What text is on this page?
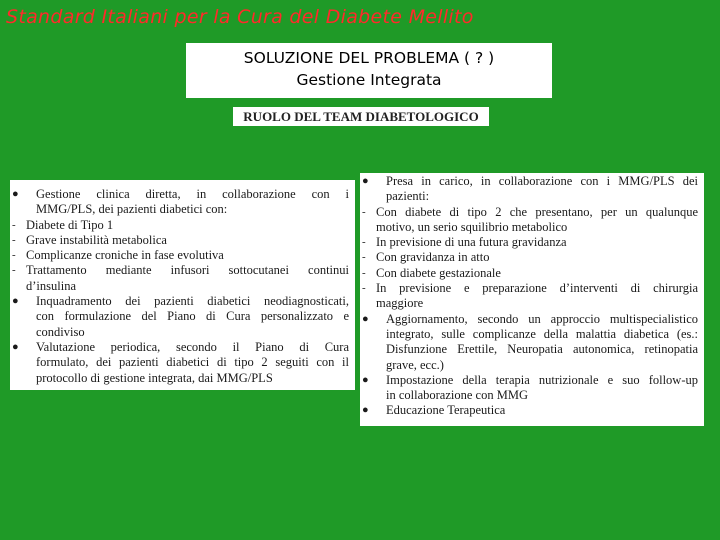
Standard Italiani per la Cura del Diabete Mellito
SOLUZIONE DEL PROBLEMA ( ? )
Gestione Integrata
RUOLO DEL TEAM DIABETOLOGICO
●	Gestione clinica diretta, in collaborazione con i
MMG/PLS, dei pazienti diabetici con:
- Diabete di Tipo 1
- Grave instabilità metabolica
- Complicanze croniche in fase evolutiva
- Trattamento mediante infusori sottocutanei continui
d’insulina
●	Inquadramento dei pazienti diabetici neodiagnosticati,
con formulazione del Piano di Cura personalizzato e
condiviso
●	Valutazione periodica, secondo il Piano di Cura
formulato, dei pazienti diabetici di tipo 2 seguiti con il
protocollo di gestione integrata, dai MMG/PLS
●	Presa in carico, in collaborazione con i MMG/PLS dei
pazienti:
- Con diabete di tipo 2 che presentano, per un qualunque
motivo, un serio squilibrio metabolico
- In previsione di una futura gravidanza
- Con gravidanza in atto
- Con diabete gestazionale
- In previsione e preparazione d’interventi di chirurgia
maggiore
●	Aggiornamento, secondo un approccio multispecialistico
integrato, sulle complicanze della malattia diabetica (es.:
Disfunzione Erettile, Neuropatia autonomica, retinopatia
grave, ecc.)
●	Impostazione della terapia nutrizionale e suo follow-up
in collaborazione con MMG
●	Educazione Terapeutica
